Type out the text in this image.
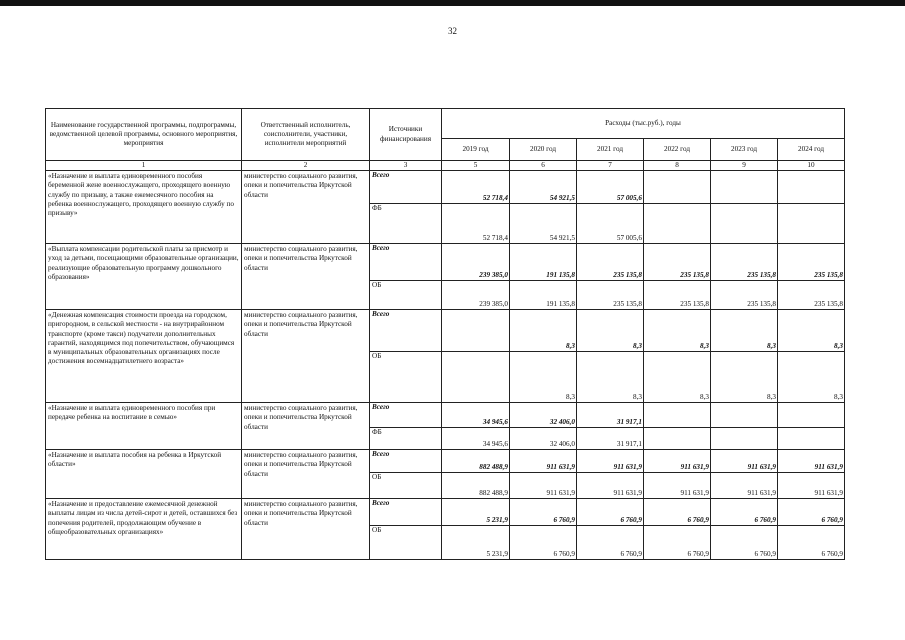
32
Наименование государственной программы, подпрограммы, ведомственной целевой программы, основного мероприятия, мероприятия	Ответственный исполнитель, соисполнители, участники, исполнители мероприятий	Источники финансирования	Расходы (тыс.руб.), годы					
			2019 год	2020 год	2021 год	2022 год	2023 год	2024 год
1	2	3	5	6	7	8	9	10
«Назначение и выплата единовременного пособия беременной жене военнослужащего, проходящего военную службу по призыву, а также ежемесячного пособия на ребенка военнослужащего, проходящего военную службу по призыву»	министерство социального развития, опеки и попечительства Иркутской области	Всего	52 718,4	54 921,5	57 005,6			
		ФБ	52 718,4	54 921,5	57 005,6			
«Выплата компенсации родительской платы за присмотр и уход за детьми, посещающими образовательные организации, реализующие образовательную программу дошкольного образования»	министерство социального развития, опеки и попечительства Иркутской области	Всего	239 385,0	191 135,8	235 135,8	235 135,8	235 135,8	235 135,8
		ОБ	239 385,0	191 135,8	235 135,8	235 135,8	235 135,8	235 135,8
«Денежная компенсация стоимости проезда на городском, пригородном, в сельской местности - на внутрирайонном транспорте (кроме такси) подучатели дополнительных гарантий, находящимся под попечительством, обучающимся в муниципальных образовательных организациях после достижения восемнадцатилетнего возраста»	министерство социального развития, опеки и попечительства Иркутской области	Всего		8,3	8,3	8,3	8,3	8,3
		ОБ		8,3	8,3	8,3	8,3	8,3
«Назначение и выплата единовременного пособия при передаче ребенка на воспитание в семью»	министерство социального развития, опеки и попечительства Иркутской области	Всего	34 945,6	32 406,0	31 917,1			
		ФБ	34 945,6	32 406,0	31 917,1			
«Назначение и выплата пособия на ребенка в Иркутской области»	министерство социального развития, опеки и попечительства Иркутской области	Всего	882 488,9	911 631,9	911 631,9	911 631,9	911 631,9	911 631,9
		ОБ	882 488,9	911 631,9	911 631,9	911 631,9	911 631,9	911 631,9
«Назначение и предоставление ежемесячной денежной выплаты лицам из числа детей-сирот и детей, оставшихся без попечения родителей, продолжающим обучение в общеобразовательных организациях»	министерство социального развития, опеки и попечительства Иркутской области	Всего	5 231,9	6 760,9	6 760,9	6 760,9	6 760,9	6 760,9
		ОБ	5 231,9	6 760,9	6 760,9	6 760,9	6 760,9	6 760,9
